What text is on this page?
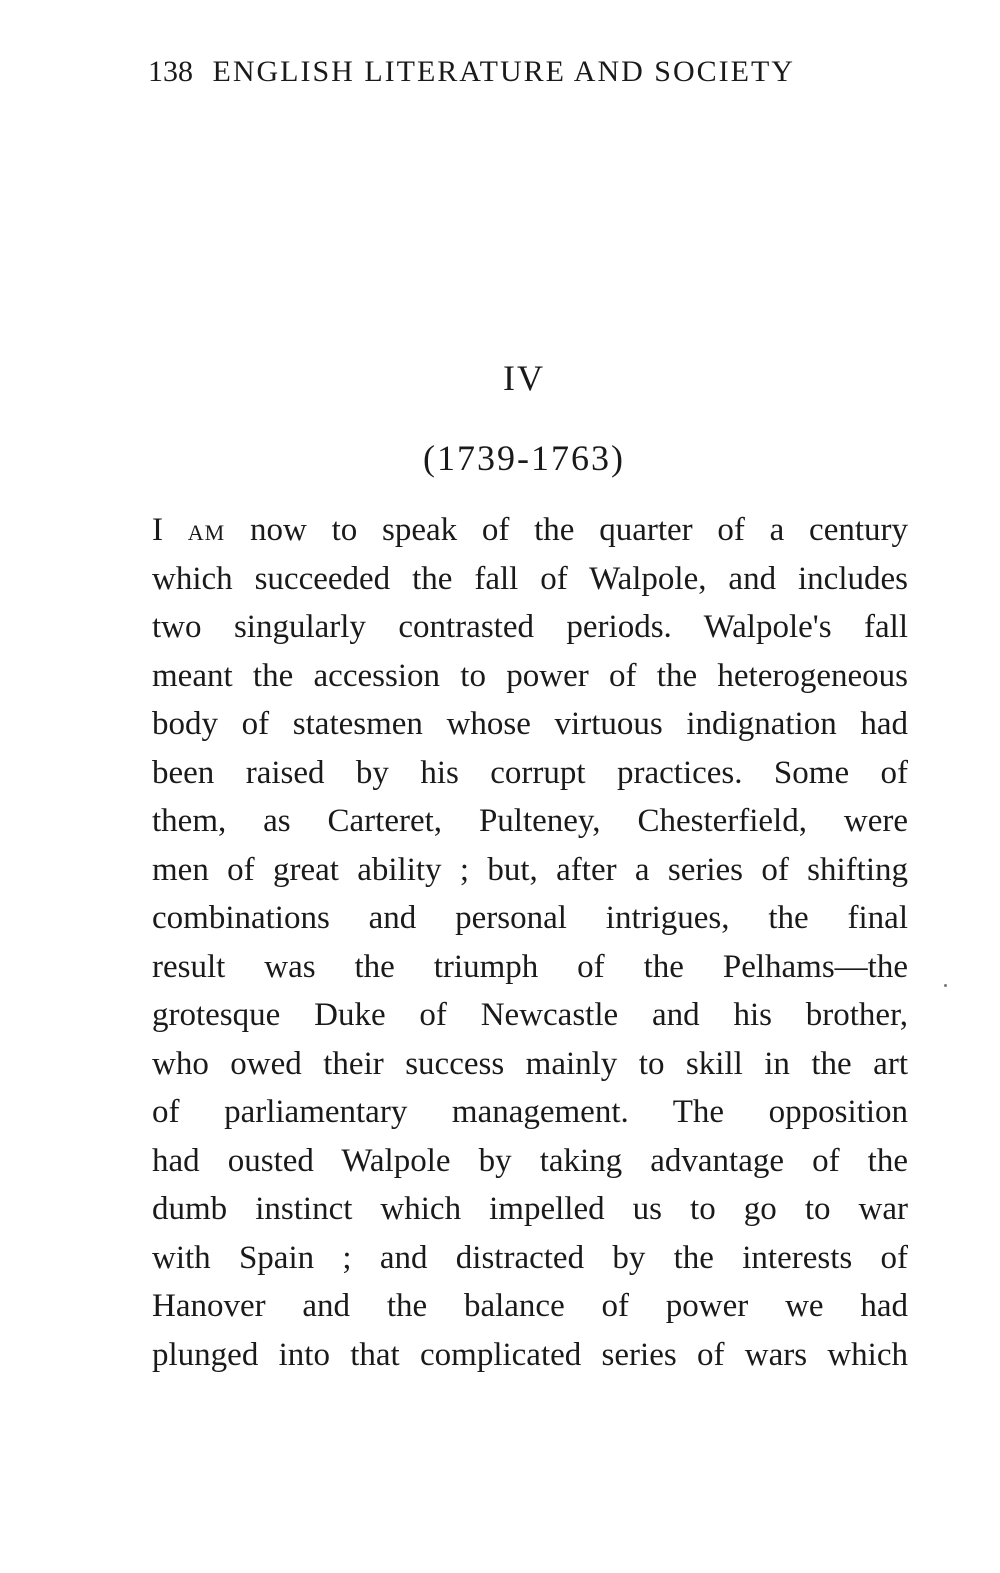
138 ENGLISH LITERATURE AND SOCIETY
IV
(1739-1763)
I AM now to speak of the quarter of a century
which succeeded the fall of Walpole, and includes
two singularly contrasted periods. Walpole's fall
meant the accession to power of the heterogeneous
body of statesmen whose virtuous indignation had
been raised by his corrupt practices. Some of
them, as Carteret, Pulteney, Chesterfield, were
men of great ability ; but, after a series of shifting
combinations and personal intrigues, the final
result was the triumph of the Pelhams—the
grotesque Duke of Newcastle and his brother,
who owed their success mainly to skill in the art
of parliamentary management. The opposition
had ousted Walpole by taking advantage of the
dumb instinct which impelled us to go to war
with Spain ; and distracted by the interests of
Hanover and the balance of power we had
plunged into that complicated series of wars which
